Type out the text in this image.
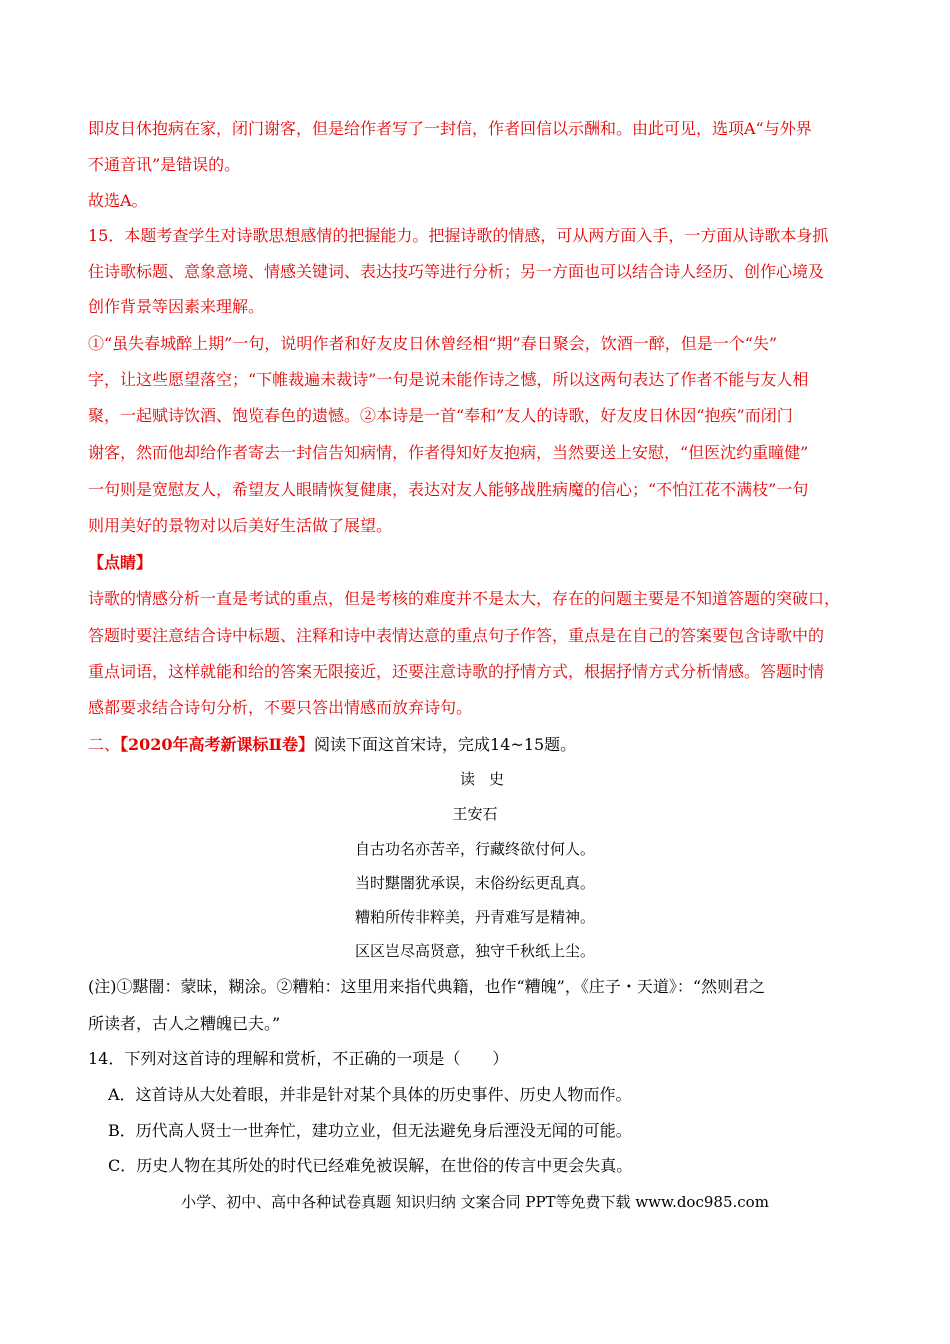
即皮日休抱病在家，闭门谢客，但是给作者写了一封信，作者回信以示酬和。由此可见，选项A“与外界
不通音讯”是错误的。
故选A。
15．本题考查学生对诗歌思想感情的把握能力。把握诗歌的情感，可从两方面入手，一方面从诗歌本身抓
住诗歌标题、意象意境、情感关键词、表达技巧等进行分析；另一方面也可以结合诗人经历、创作心境及
创作背景等因素来理解。
①“虽失春城醉上期”一句，说明作者和好友皮日休曾经相“期”春日聚会，饮酒一醉，但是一个“失”
字，让这些愿望落空；“下帷裁遍未裁诗”一句是说未能作诗之憾，所以这两句表达了作者不能与友人相
聚，一起赋诗饮酒、饱览春色的遗憾。②本诗是一首“奉和”友人的诗歌，好友皮日休因“抱疾”而闭门
谢客，然而他却给作者寄去一封信告知病情，作者得知好友抱病，当然要送上安慰，“但医沈约重瞳健”
一句则是宽慰友人，希望友人眼睛恢复健康，表达对友人能够战胜病魔的信心；“不怕江花不满枝”一句
则用美好的景物对以后美好生活做了展望。
【点睛】
诗歌的情感分析一直是考试的重点，但是考核的难度并不是太大，存在的问题主要是不知道答题的突破口，
答题时要注意结合诗中标题、注释和诗中表情达意的重点句子作答，重点是在自己的答案要包含诗歌中的
重点词语，这样就能和给的答案无限接近，还要注意诗歌的抒情方式，根据抒情方式分析情感。答题时情
感都要求结合诗句分析，不要只答出情感而放弃诗句。
二、【2020年高考新课标Ⅱ卷】阅读下面这首宋诗，完成14~15题。
读史
王安石
自古功名亦苦辛，行藏终欲付何人。
当时黮闇犹承误，末俗纷纭更乱真。
糟粕所传非粹美，丹青难写是精神。
区区岂尽高贤意，独守千秋纸上尘。
(注)①黮闇：蒙昧，糊涂。②糟粕：这里用来指代典籍，也作“糟魄”，《庄子・天道》：“然则君之
所读者，古人之糟魄已夫。”
14．下列对这首诗的理解和赏析，不正确的一项是（　　）
A．这首诗从大处着眼，并非是针对某个具体的历史事件、历史人物而作。
B．历代高人贤士一世奔忙，建功立业，但无法避免身后湮没无闻的可能。
C．历史人物在其所处的时代已经难免被误解，在世俗的传言中更会失真。
小学、初中、高中各种试卷真题 知识归纳 文案合同 PPT等免费下载 www.doc985.com
